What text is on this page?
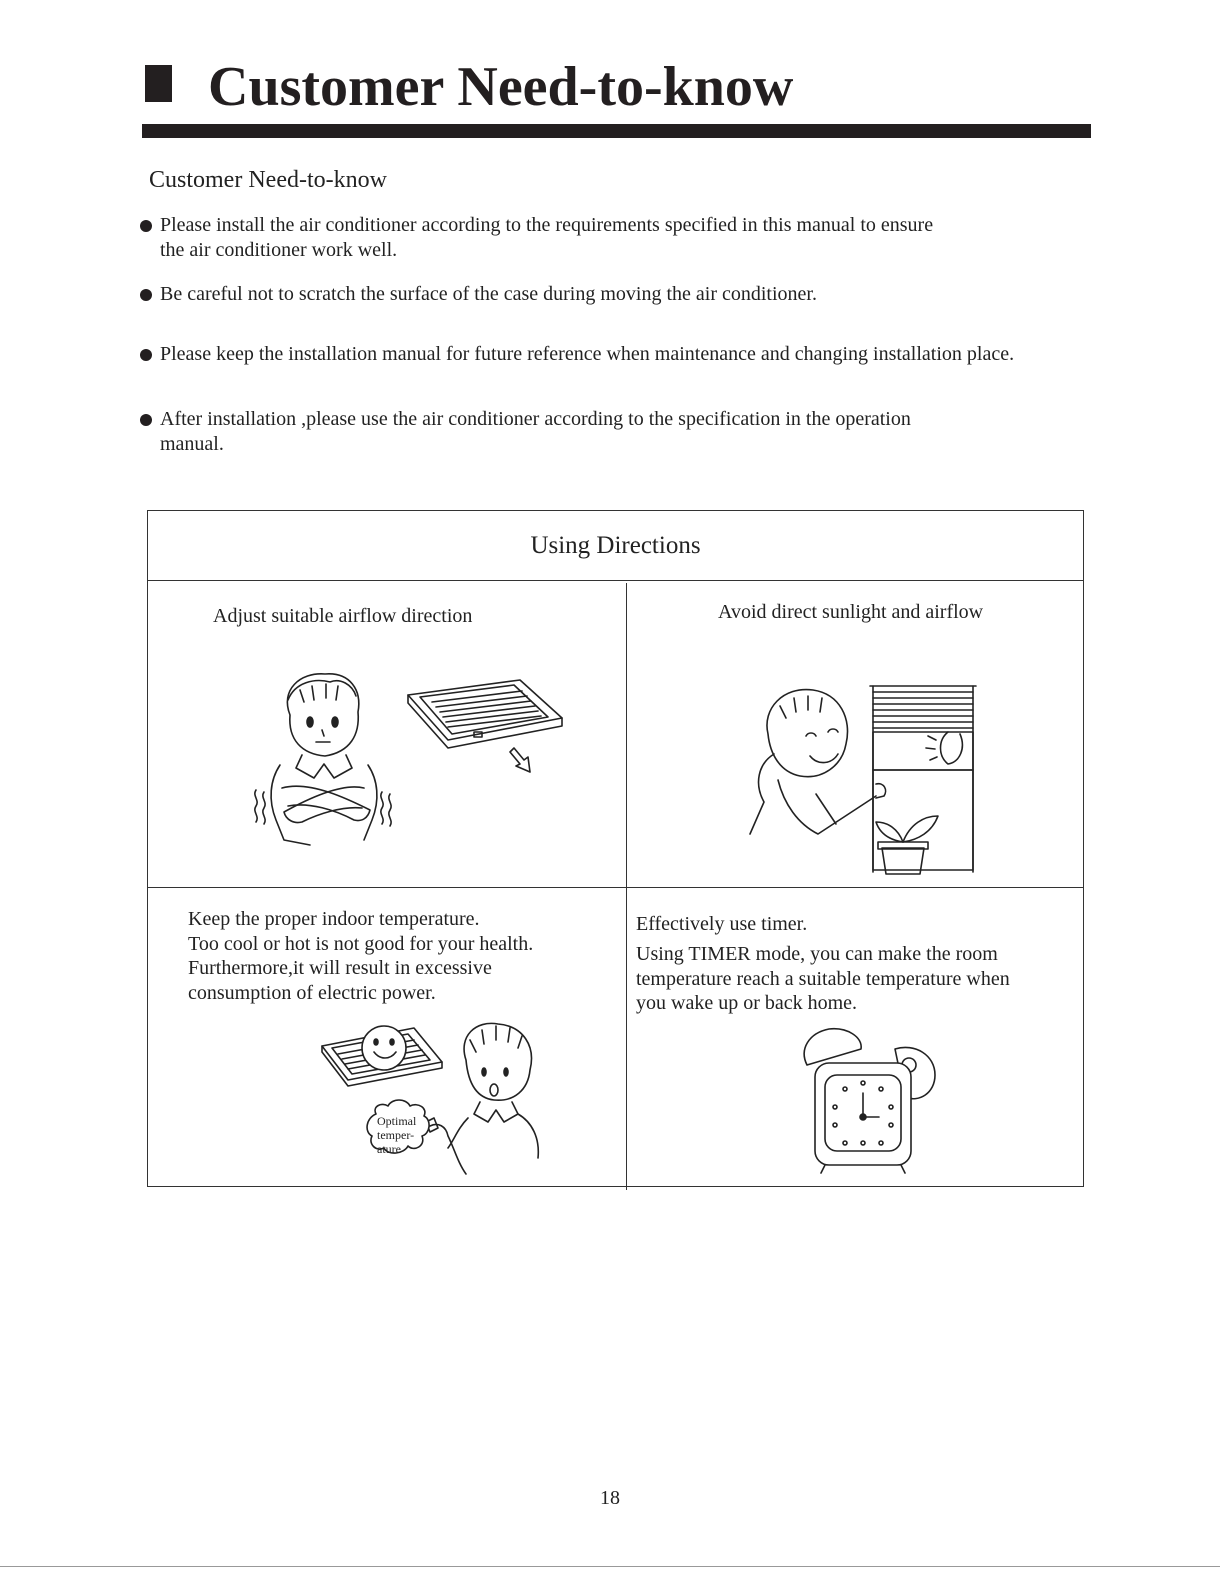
Customer Need-to-know
Customer Need-to-know
Please install the air conditioner according to the requirements specified in this manual to ensure
the air conditioner work well.
Be careful not to scratch the surface of the case during moving the air conditioner.
Please keep the installation manual for future reference when maintenance and changing installation place.
After installation ,please use the air conditioner according to the specification in the operation
manual.
Using Directions
Adjust suitable airflow direction	Avoid direct sunlight and airflow
Keep the proper indoor temperature.
Too cool or hot is not good for your health.
Furthermore,it will result in excessive
consumption of electric power.
Optimal
temper-
ature
Effectively use timer.
Using TIMER mode, you can make the room
temperature reach a suitable temperature when
you wake up or back home.
18
